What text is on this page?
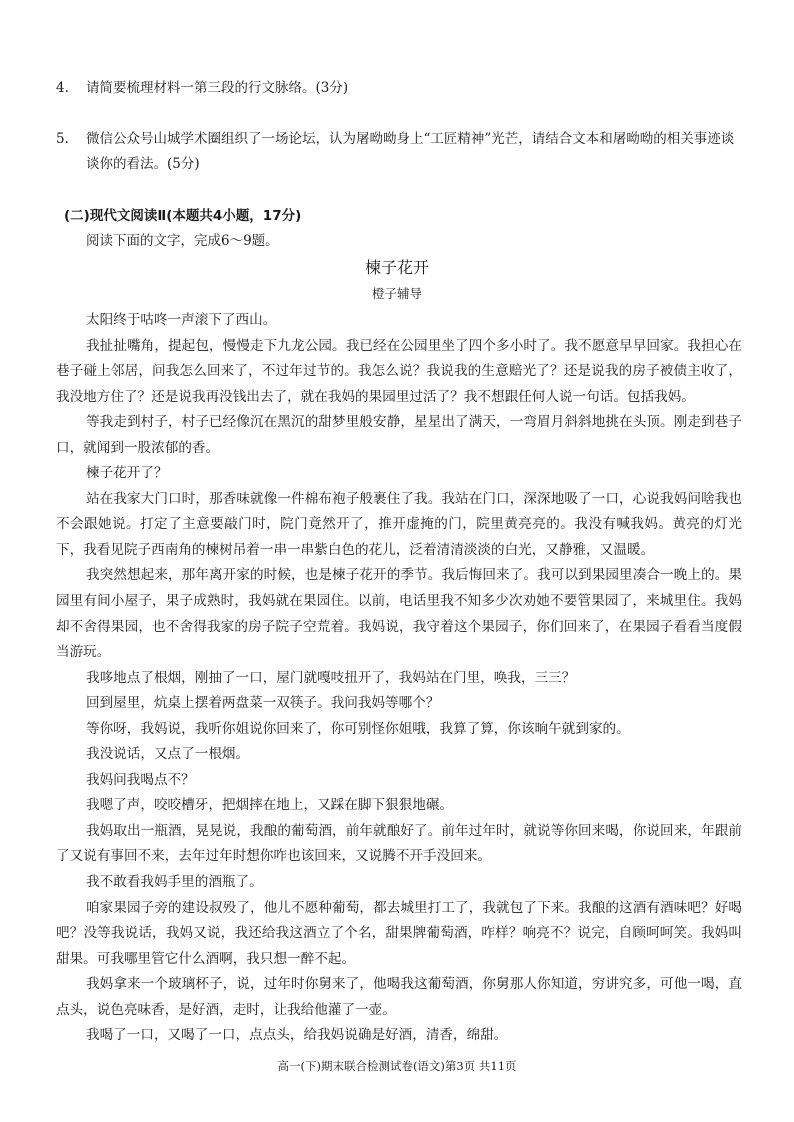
4. 请简要梳理材料一第三段的行文脉络。(3分)
5. 微信公众号山城学术圈组织了一场论坛，认为屠呦呦身上“工匠精神”光芒，请结合文本和屠呦呦的相关事迹谈谈你的看法。(5分)
(二)现代文阅读Ⅱ(本题共4小题，17分)
阅读下面的文字，完成6～9题。
楝子花开
橙子辅导

太阳终于咕咚一声滚下了西山。

我扯扯嘴角，提起包，慢慢走下九龙公园。我已经在公园里坐了四个多小时了。我不愿意早早回家。我担心在巷子碰上邻居，问我怎么回来了，不过年过节的。我怎么说？我说我的生意赔光了？还是说我的房子被债主收了，我没地方住了？还是说我再没钱出去了，就在我妈的果园里过活了？我不想跟任何人说一句话。包括我妈。

等我走到村子，村子已经像沉在黑沉的甜梦里般安静，星星出了满天，一弯眉月斜斜地挑在头顶。刚走到巷子口，就闻到一股浓郁的香。

楝子花开了？

站在我家大门口时，那香味就像一件棉布袍子般裹住了我。我站在门口，深深地吸了一口，心说我妈问啥我也不会跟她说。打定了主意要敲门时，院门竟然开了，推开虚掩的门，院里黄亮亮的。我没有喊我妈。黄亮的灯光下，我看见院子西南角的楝树吊着一串一串紫白色的花儿，泛着清清淡淡的白光，又静雅，又温暖。

我突然想起来，那年离开家的时候，也是楝子花开的季节。我后悔回来了。我可以到果园里凑合一晚上的。果园里有间小屋子，果子成熟时，我妈就在果园住。以前，电话里我不知多少次劝她不要管果园了，来城里住。我妈却不舍得果园，也不舍得我家的房子院子空荒着。我妈说，我守着这个果园子，你们回来了，在果园子看看当度假当游玩。

我哆地点了根烟，刚抽了一口，屋门就嘎吱扭开了，我妈站在门里，唤我，三三？

回到屋里，炕桌上摆着两盘菜一双筷子。我问我妈等哪个？

等你呀，我妈说，我听你姐说你回来了，你可别怪你姐哦，我算了算，你该晌午就到家的。

我没说话，又点了一根烟。

我妈问我喝点不？

我嗯了声，咬咬槽牙，把烟摔在地上，又踩在脚下狠狠地碾。

我妈取出一瓶酒，晃晃说，我酿的葡萄酒，前年就酿好了。前年过年时，就说等你回来喝，你说回来，年跟前了又说有事回不来，去年过年时想你咋也该回来，又说腾不开手没回来。

我不敢看我妈手里的酒瓶了。

咱家果园子旁的建设叔殁了，他儿不愿种葡萄，都去城里打工了，我就包了下来。我酿的这酒有酒味吧？好喝吧？没等我说话，我妈又说，我还给我这酒立了个名，甜果牌葡萄酒，咋样？响亮不？说完，自顾呵呵笑。我妈叫甜果。可我哪里管它什么酒啊，我只想一醉不起。

我妈拿来一个玻璃杯子，说，过年时你舅来了，他喝我这葡萄酒，你舅那人你知道，穷讲究多，可他一喝，直点头，说色亮味香，是好酒，走时，让我给他灌了一壶。

我喝了一口，又喝了一口，点点头，给我妈说确是好酒，清香，绵甜。

高一(下)期末联合检测试卷(语文)第3页 共11页
